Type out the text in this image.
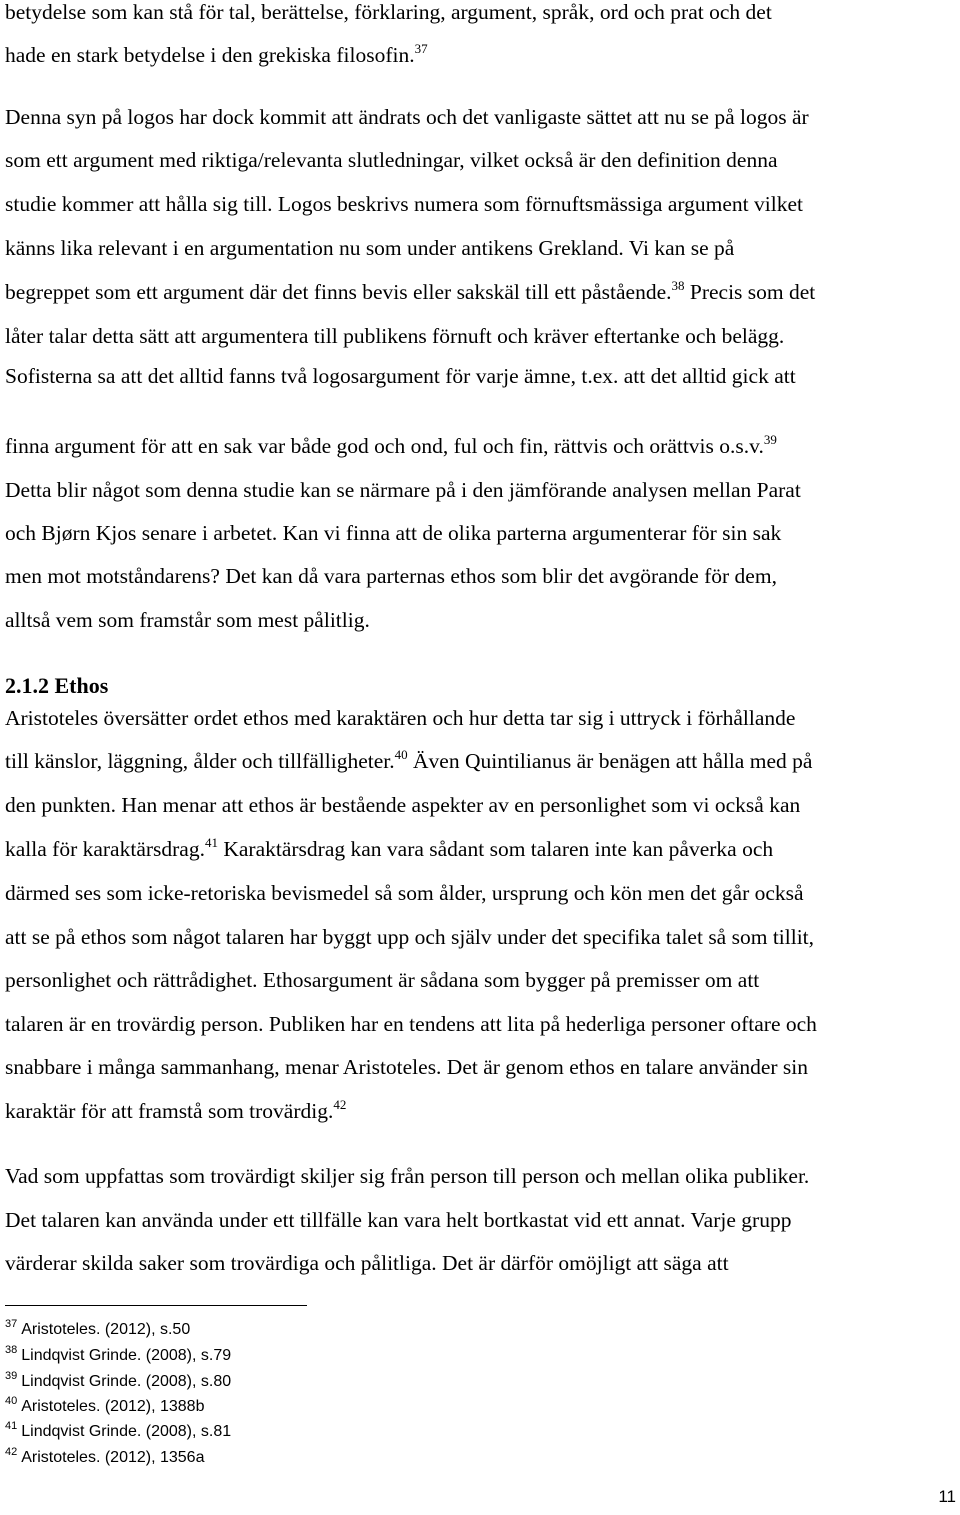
betydelse som kan stå för tal, berättelse, förklaring, argument, språk, ord och prat och det
hade en stark betydelse i den grekiska filosofin.$^{37}$
Denna syn på logos har dock kommit att ändrats och det vanligaste sättet att nu se på logos är
som ett argument med riktiga/relevanta slutledningar, vilket också är den definition denna
studie kommer att hålla sig till. Logos beskrivs numera som förnuftsmässiga argument vilket
känns lika relevant i en argumentation nu som under antikens Grekland. Vi kan se på
begreppet som ett argument där det finns bevis eller sakskäl till ett påstående.$^{38}$ Precis som det
låter talar detta sätt att argumentera till publikens förnuft och kräver eftertanke och belägg.
Sofisterna sa att det alltid fanns två logosargument för varje ämne, t.ex. att det alltid gick att
finna argument för att en sak var både god och ond, ful och fin, rättvis och orättvis o.s.v.$^{39}$
Detta blir något som denna studie kan se närmare på i den jämförande analysen mellan Parat
och Bjørn Kjos senare i arbetet. Kan vi finna att de olika parterna argumenterar för sin sak
men mot motståndarens? Det kan då vara parternas ethos som blir det avgörande för dem,
alltså vem som framstår som mest pålitlig.
2.1.2 Ethos
Aristoteles översätter ordet ethos med karaktären och hur detta tar sig i uttryck i förhållande
till känslor, läggning, ålder och tillfälligheter.$^{40}$ Även Quintilianus är benägen att hålla med på
den punkten. Han menar att ethos är bestående aspekter av en personlighet som vi också kan
kalla för karaktärsdrag.$^{41}$ Karaktärsdrag kan vara sådant som talaren inte kan påverka och
därmed ses som icke-retoriska bevismedel så som ålder, ursprung och kön men det går också
att se på ethos som något talaren har byggt upp och själv under det specifika talet så som tillit,
personlighet och rättrådighet. Ethosargument är sådana som bygger på premisser om att
talaren är en trovärdig person. Publiken har en tendens att lita på hederliga personer oftare och
snabbare i många sammanhang, menar Aristoteles. Det är genom ethos en talare använder sin
karaktär för att framstå som trovärdig.$^{42}$
Vad som uppfattas som trovärdigt skiljer sig från person till person och mellan olika publiker.
Det talaren kan använda under ett tillfälle kan vara helt bortkastat vid ett annat. Varje grupp
värderar skilda saker som trovärdiga och pålitliga. Det är därför omöjligt att säga att
$^{37}$ Aristoteles. (2012), s.50
$^{38}$ Lindqvist Grinde. (2008), s.79
$^{39}$ Lindqvist Grinde. (2008), s.80
$^{40}$ Aristoteles. (2012), 1388b
$^{41}$ Lindqvist Grinde. (2008), s.81
$^{42}$ Aristoteles. (2012), 1356a
11
